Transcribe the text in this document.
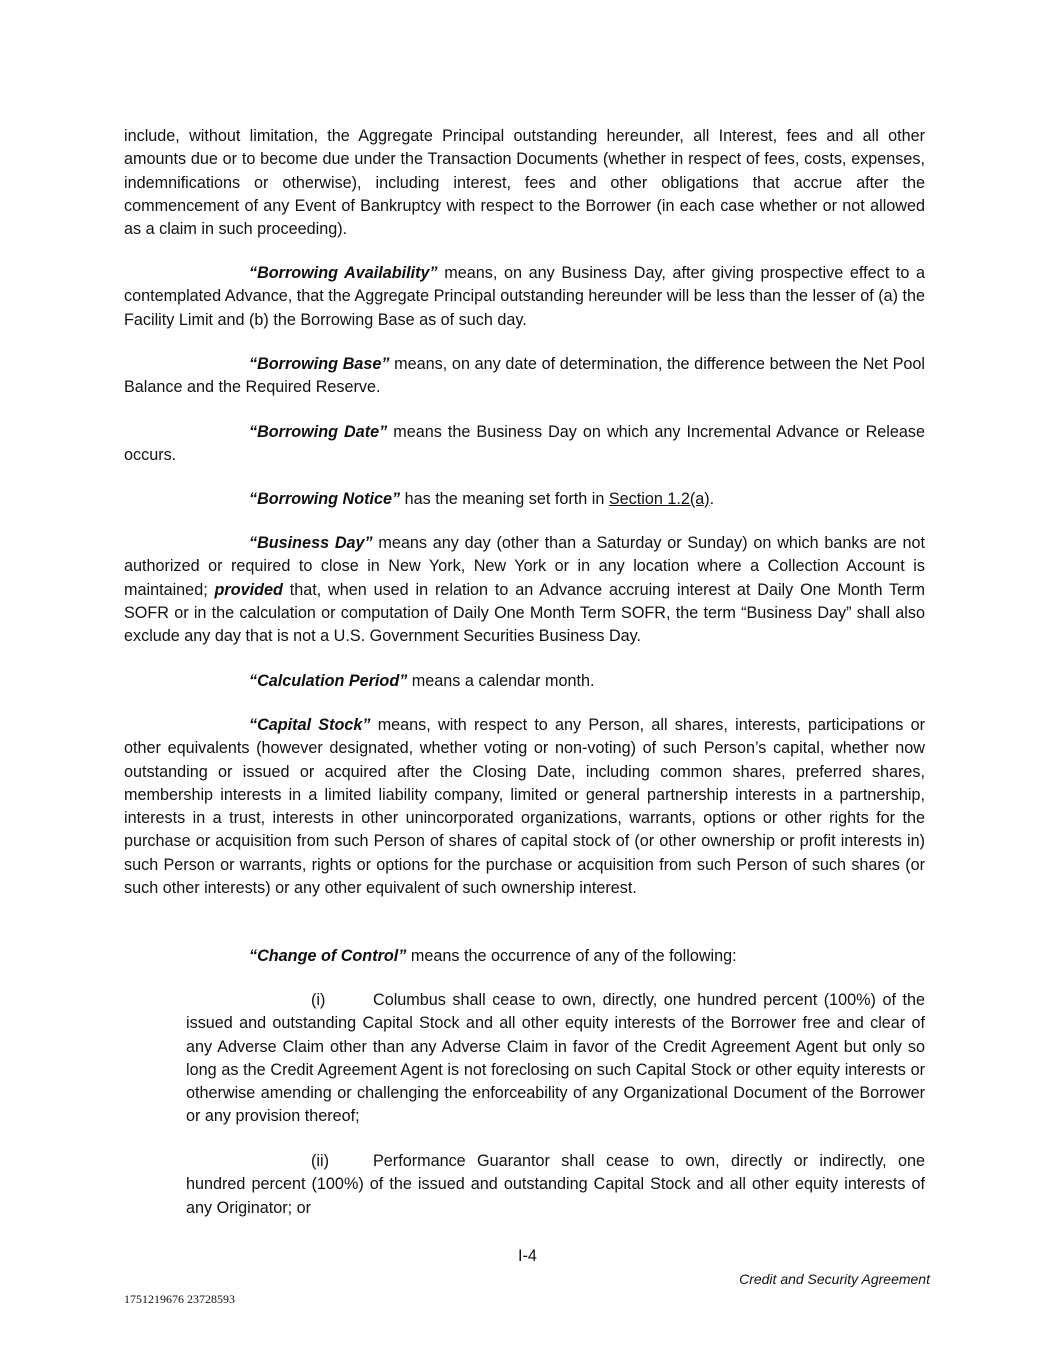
include, without limitation, the Aggregate Principal outstanding hereunder, all Interest, fees and all other amounts due or to become due under the Transaction Documents (whether in respect of fees, costs, expenses, indemnifications or otherwise), including interest, fees and other obligations that accrue after the commencement of any Event of Bankruptcy with respect to the Borrower (in each case whether or not allowed as a claim in such proceeding).

“Borrowing Availability” means, on any Business Day, after giving prospective effect to a contemplated Advance, that the Aggregate Principal outstanding hereunder will be less than the lesser of (a) the Facility Limit and (b) the Borrowing Base as of such day.

“Borrowing Base” means, on any date of determination, the difference between the Net Pool Balance and the Required Reserve.

“Borrowing Date” means the Business Day on which any Incremental Advance or Release occurs.

“Borrowing Notice” has the meaning set forth in Section 1.2(a).

“Business Day” means any day (other than a Saturday or Sunday) on which banks are not authorized or required to close in New York, New York or in any location where a Collection Account is maintained; provided that, when used in relation to an Advance accruing interest at Daily One Month Term SOFR or in the calculation or computation of Daily One Month Term SOFR, the term “Business Day” shall also exclude any day that is not a U.S. Government Securities Business Day.

“Calculation Period” means a calendar month.

“Capital Stock” means, with respect to any Person, all shares, interests, participations or other equivalents (however designated, whether voting or non-voting) of such Person’s capital, whether now outstanding or issued or acquired after the Closing Date, including common shares, preferred shares, membership interests in a limited liability company, limited or general partnership interests in a partnership, interests in a trust, interests in other unincorporated organizations, warrants, options or other rights for the purchase or acquisition from such Person of shares of capital stock of (or other ownership or profit interests in) such Person or warrants, rights or options for the purchase or acquisition from such Person of such shares (or such other interests) or any other equivalent of such ownership interest.

“Change of Control” means the occurrence of any of the following:

(i)	Columbus shall cease to own, directly, one hundred percent (100%) of the issued and outstanding Capital Stock and all other equity interests of the Borrower free and clear of any Adverse Claim other than any Adverse Claim in favor of the Credit Agreement Agent but only so long as the Credit Agreement Agent is not foreclosing on such Capital Stock or other equity interests or otherwise amending or challenging the enforceability of any Organizational Document of the Borrower or any provision thereof;

(ii)	Performance Guarantor shall cease to own, directly or indirectly, one hundred percent (100%) of the issued and outstanding Capital Stock and all other equity interests of any Originator; or

I-4
Credit and Security Agreement
1751219676 23728593
